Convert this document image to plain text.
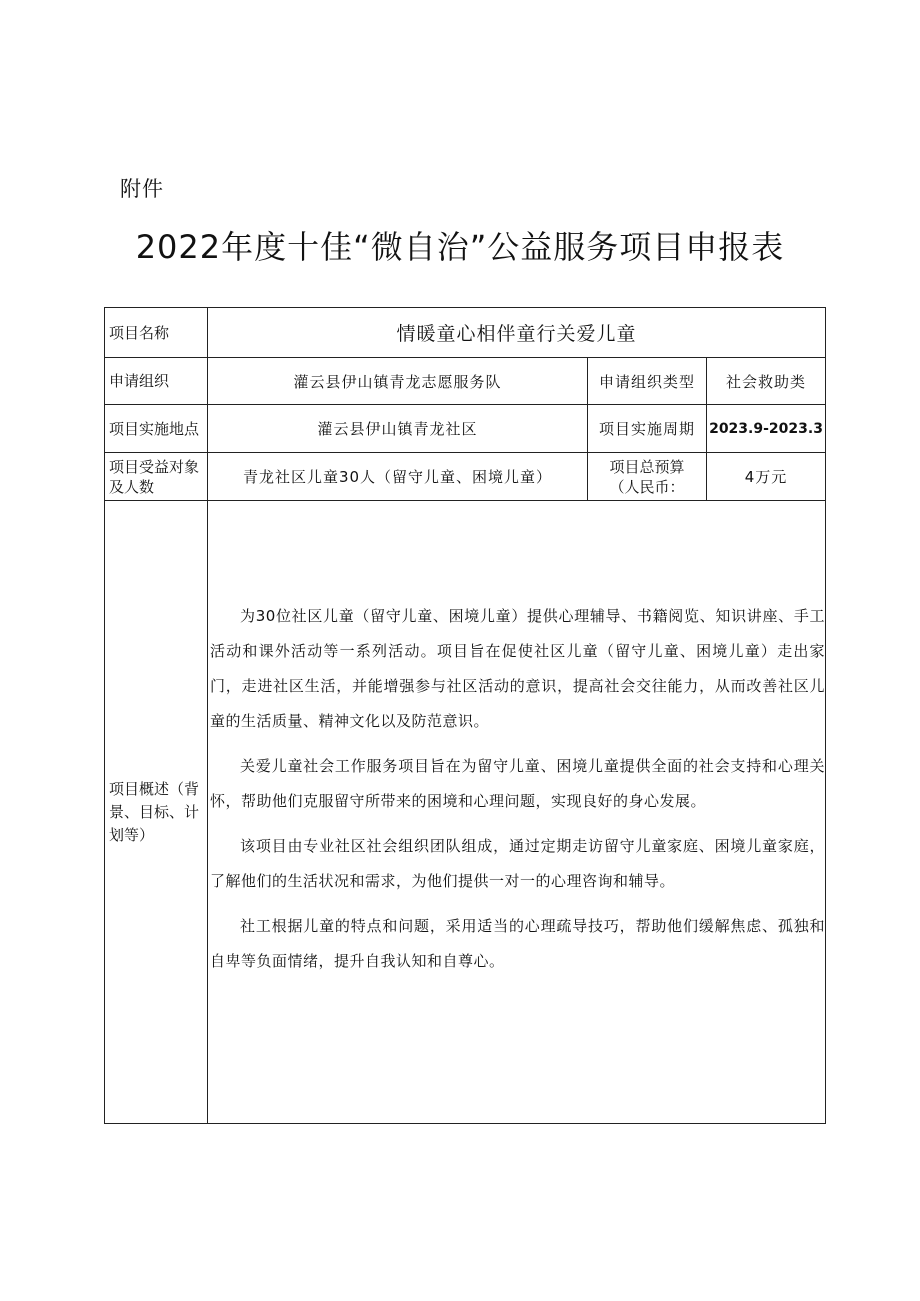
附件
2022年度十佳“微自治”公益服务项目申报表
项目名称	情暖童心相伴童行关爱儿童		
申请组织	灌云县伊山镇青龙志愿服务队	申请组织类型	社会救助类
项目实施地点	灌云县伊山镇青龙社区	项目实施周期	2023.9-2023.3
项目受益对象及人数	青龙社区儿童30人（留守儿童、困境儿童）	项目总预算（人民币：	4万元
项目概述（背景、目标、计划等）	为30位社区儿童（留守儿童、困境儿童）提供心理辅导、书籍阅览、知识讲座、手工活动和课外活动等一系列活动。项目旨在促使社区儿童（留守儿童、困境儿童）走出家门，走进社区生活，并能增强参与社区活动的意识，提高社会交往能力，从而改善社区儿童的生活质量、精神文化以及防范意识。

关爱儿童社会工作服务项目旨在为留守儿童、困境儿童提供全面的社会支持和心理关怀，帮助他们克服留守所带来的困境和心理问题，实现良好的身心发展。

该项目由专业社区社会组织团队组成，通过定期走访留守儿童家庭、困境儿童家庭，了解他们的生活状况和需求，为他们提供一对一的心理咨询和辅导。

社工根据儿童的特点和问题，采用适当的心理疏导技巧，帮助他们缓解焦虑、孤独和自卑等负面情绪，提升自我认知和自尊心。		
